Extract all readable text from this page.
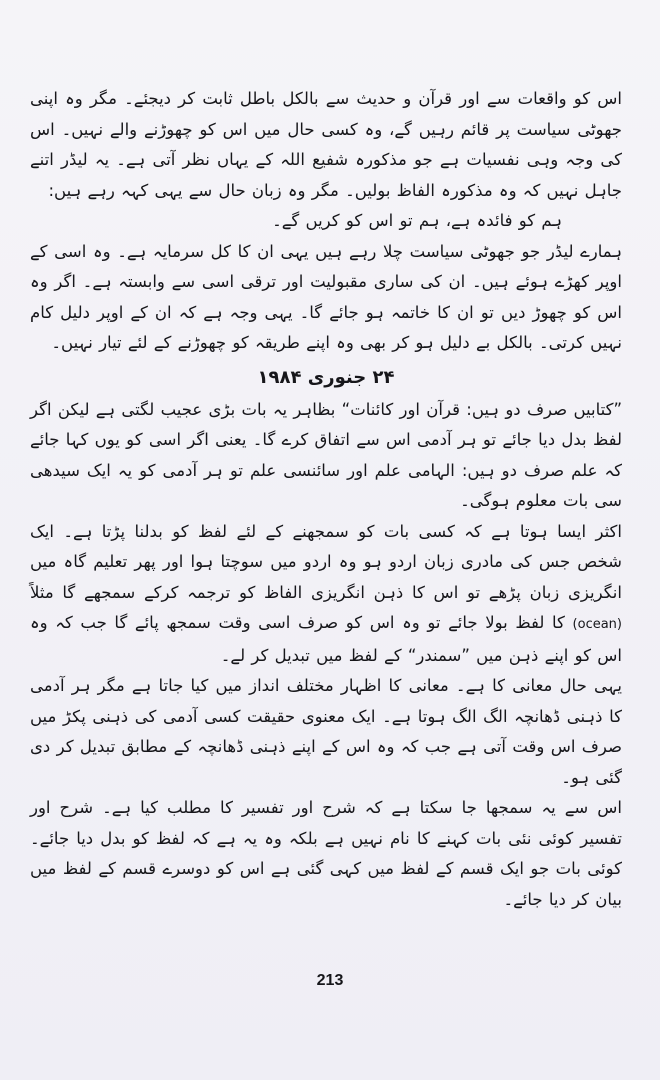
اس کو واقعات سے اور قرآن و حدیث سے بالکل باطل ثابت کر دیجئے۔ مگر وہ اپنی جھوٹی سیاست پر قائم رہیں گے، وہ کسی حال میں اس کو چھوڑنے والے نہیں۔ اس کی وجہ وہی نفسیات ہے جو مذکورہ شفیع اللہ کے یہاں نظر آتی ہے۔ یہ لیڈر اتنے جاہل نہیں کہ وہ مذکورہ الفاظ بولیں۔ مگر وہ زبان حال سے یہی کہہ رہے ہیں:

ہم کو فائدہ ہے، ہم تو اس کو کریں گے۔

ہمارے لیڈر جو جھوٹی سیاست چلا رہے ہیں یہی ان کا کل سرمایہ ہے۔ وہ اسی کے اوپر کھڑے ہوئے ہیں۔ ان کی ساری مقبولیت اور ترقی اسی سے وابستہ ہے۔ اگر وہ اس کو چھوڑ دیں تو ان کا خاتمہ ہو جائے گا۔ یہی وجہ ہے کہ ان کے اوپر دلیل کام نہیں کرتی۔ بالکل بے دلیل ہو کر بھی وہ اپنے طریقہ کو چھوڑنے کے لئے تیار نہیں۔

۲۴ جنوری ۱۹۸۴

”کتابیں صرف دو ہیں: قرآن اور کائنات“ بظاہر یہ بات بڑی عجیب لگتی ہے لیکن اگر لفظ بدل دیا جائے تو ہر آدمی اس سے اتفاق کرے گا۔ یعنی اگر اسی کو یوں کہا جائے کہ علم صرف دو ہیں: الہامی علم اور سائنسی علم تو ہر آدمی کو یہ ایک سیدھی سی بات معلوم ہوگی۔

اکثر ایسا ہوتا ہے کہ کسی بات کو سمجھنے کے لئے لفظ کو بدلنا پڑتا ہے۔ ایک شخص جس کی مادری زبان اردو ہو وہ اردو میں سوچتا ہوا اور پھر تعلیم گاہ میں انگریزی زبان پڑھے تو اس کا ذہن انگریزی الفاظ کو ترجمہ کرکے سمجھے گا مثلاً (ocean) کا لفظ بولا جائے تو وہ اس کو صرف اسی وقت سمجھ پائے گا جب کہ وہ اس کو اپنے ذہن میں ”سمندر“ کے لفظ میں تبدیل کر لے۔

یہی حال معانی کا ہے۔ معانی کا اظہار مختلف انداز میں کیا جاتا ہے مگر ہر آدمی کا ذہنی ڈھانچہ الگ الگ ہوتا ہے۔ ایک معنوی حقیقت کسی آدمی کی ذہنی پکڑ میں صرف اس وقت آتی ہے جب کہ وہ اس کے اپنے ذہنی ڈھانچہ کے مطابق تبدیل کر دی گئی ہو۔

اس سے یہ سمجھا جا سکتا ہے کہ شرح اور تفسیر کا مطلب کیا ہے۔ شرح اور تفسیر کوئی نئی بات کہنے کا نام نہیں ہے بلکہ وہ یہ ہے کہ لفظ کو بدل دیا جائے۔ کوئی بات جو ایک قسم کے لفظ میں کہی گئی ہے اس کو دوسرے قسم کے لفظ میں بیان کر دیا جائے۔

213
